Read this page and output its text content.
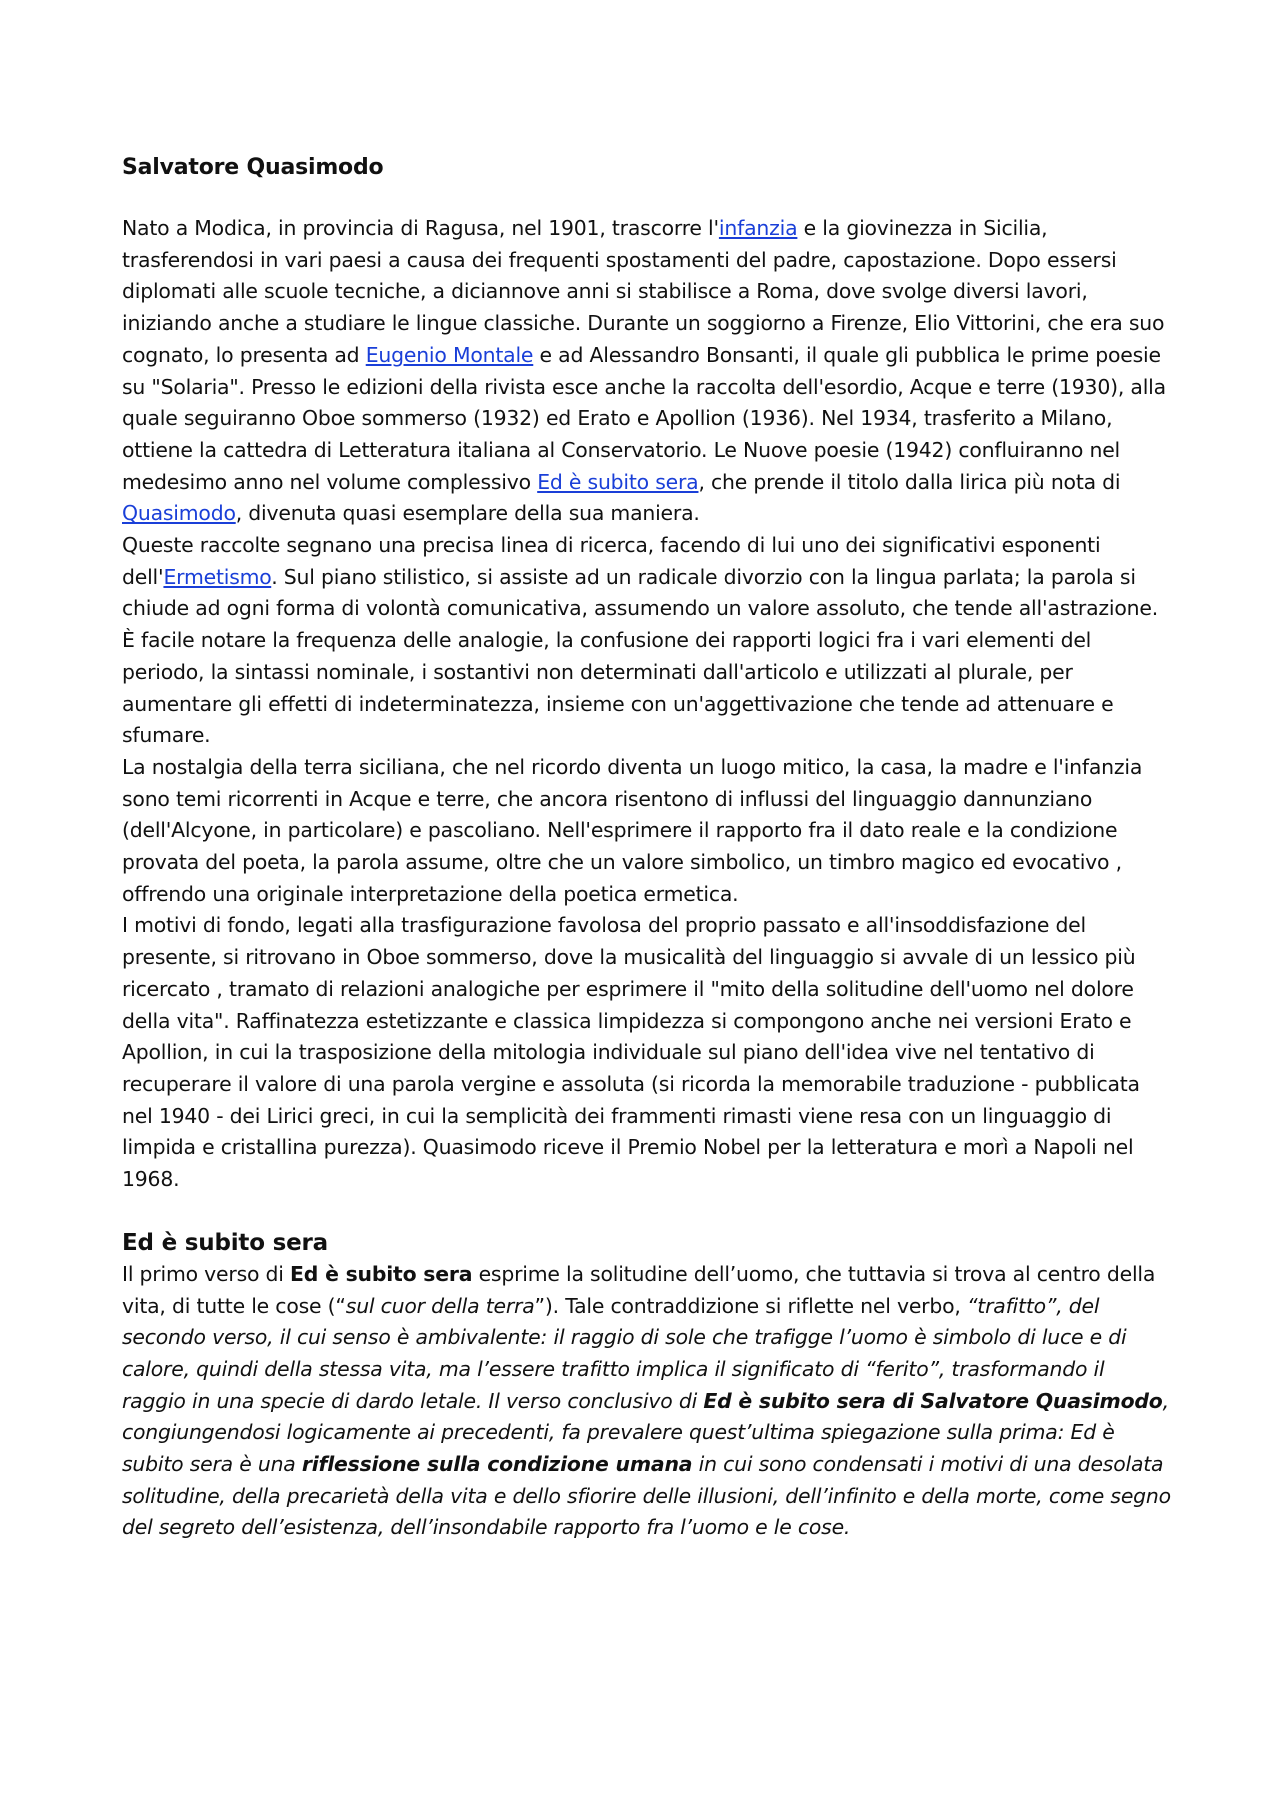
Salvatore Quasimodo

Nato a Modica, in provincia di Ragusa, nel 1901, trascorre l'infanzia e la giovinezza in Sicilia, trasferendosi in vari paesi a causa dei frequenti spostamenti del padre, capostazione. Dopo essersi diplomati alle scuole tecniche, a diciannove anni si stabilisce a Roma, dove svolge diversi lavori, iniziando anche a studiare le lingue classiche. Durante un soggiorno a Firenze, Elio Vittorini, che era suo cognato, lo presenta ad Eugenio Montale e ad Alessandro Bonsanti, il quale gli pubblica le prime poesie su "Solaria". Presso le edizioni della rivista esce anche la raccolta dell'esordio, Acque e terre (1930), alla quale seguiranno Oboe sommerso (1932) ed Erato e Apollion (1936). Nel 1934, trasferito a Milano, ottiene la cattedra di Letteratura italiana al Conservatorio. Le Nuove poesie (1942) confluiranno nel medesimo anno nel volume complessivo Ed è subito sera, che prende il titolo dalla lirica più nota di Quasimodo, divenuta quasi esemplare della sua maniera.

Queste raccolte segnano una precisa linea di ricerca, facendo di lui uno dei significativi esponenti dell'Ermetismo. Sul piano stilistico, si assiste ad un radicale divorzio con la lingua parlata; la parola si chiude ad ogni forma di volontà comunicativa, assumendo un valore assoluto, che tende all'astrazione. È facile notare la frequenza delle analogie, la confusione dei rapporti logici fra i vari elementi del periodo, la sintassi nominale, i sostantivi non determinati dall'articolo e utilizzati al plurale, per aumentare gli effetti di indeterminatezza, insieme con un'aggettivazione che tende ad attenuare e sfumare.

La nostalgia della terra siciliana, che nel ricordo diventa un luogo mitico, la casa, la madre e l'infanzia sono temi ricorrenti in Acque e terre, che ancora risentono di influssi del linguaggio dannunziano (dell'Alcyone, in particolare) e pascoliano. Nell'esprimere il rapporto fra il dato reale e la condizione provata del poeta, la parola assume, oltre che un valore simbolico, un timbro magico ed evocativo , offrendo una originale interpretazione della poetica ermetica.

I motivi di fondo, legati alla trasfigurazione favolosa del proprio passato e all'insoddisfazione del presente, si ritrovano in Oboe sommerso, dove la musicalità del linguaggio si avvale di un lessico più ricercato , tramato di relazioni analogiche per esprimere il "mito della solitudine dell'uomo nel dolore della vita". Raffinatezza estetizzante e classica limpidezza si compongono anche nei versioni Erato e Apollion, in cui la trasposizione della mitologia individuale sul piano dell'idea vive nel tentativo di recuperare il valore di una parola vergine e assoluta (si ricorda la memorabile traduzione - pubblicata nel 1940 - dei Lirici greci, in cui la semplicità dei frammenti rimasti viene resa con un linguaggio di limpida e cristallina purezza). Quasimodo riceve il Premio Nobel per la letteratura e morì a Napoli nel 1968.

Ed è subito sera

Il primo verso di Ed è subito sera esprime la solitudine dell’uomo, che tuttavia si trova al centro della vita, di tutte le cose (“sul cuor della terra”). Tale contraddizione si riflette nel verbo, “trafitto”, del secondo verso, il cui senso è ambivalente: il raggio di sole che trafigge l’uomo è simbolo di luce e di calore, quindi della stessa vita, ma l’essere trafitto implica il significato di “ferito”, trasformando il raggio in una specie di dardo letale. Il verso conclusivo di Ed è subito sera di Salvatore Quasimodo, congiungendosi logicamente ai precedenti, fa prevalere quest’ultima spiegazione sulla prima: Ed è subito sera è una riflessione sulla condizione umana in cui sono condensati i motivi di una desolata solitudine, della precarietà della vita e dello sfiorire delle illusioni, dell’infinito e della morte, come segno del segreto dell’esistenza, dell’insondabile rapporto fra l’uomo e le cose.
